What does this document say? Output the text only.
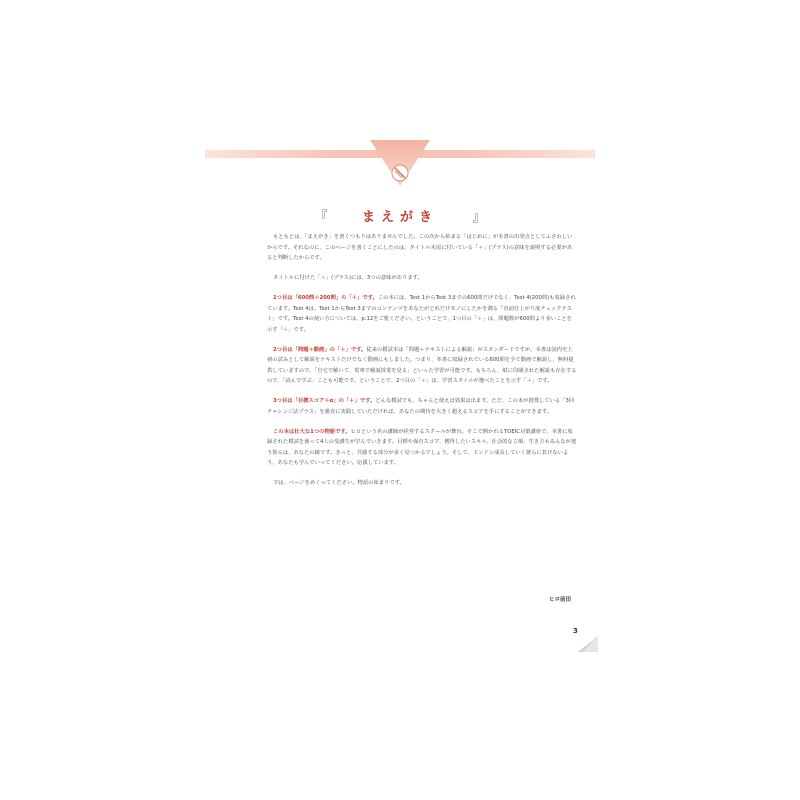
『	まえがき	』

もともとは、「まえがき」を書くつもりはありませんでした。この次から始まる「はじめに」が本書の出発点としてふさわしいからです。それなのに、このページを書くことにしたのは、タイトル末尾に付いている「＋」(プラス)の意味を説明する必要があると判断したからです。

タイトルに付けた「＋」(プラス)には、3つの意味があります。

1つ目は「600問＋200問」の「＋」です。この本には、Test 1からTest 3までの600問だけでなく、Test 4(200問)も収録されています。Test 4は、Test 1からTest 3までのコンテンツをあなたがどれだけモノにしたかを測る「直前仕上がり度チェックテスト」です。Test 4の使い方については、p.12をご覧ください。ということで、1つ目の「＋」は、問題数が600問より多いことを示す「＋」です。

2つ目は「問題＋動画」の「＋」です。従来の模試本は「問題＋テキストによる解説」がスタンダードですが、本書は国内史上初の試みとして解説をテキストだけでなく動画にもしました。つまり、本書に収録されている600問を全て動画で解説し、無料提供していますので、「自宅で解いて、電車で解説授業を見る」といった学習が可能です。もちろん、紙に印刷された解説も存在するので、「読んで学ぶ」ことも可能です。ということで、2つ目の「＋」は、学習スタイルが選べたことを示す「＋」です。

3つ目は「目標スコア＋α」の「＋」です。どんな模試でも、ちゃんと使えば効果は出ます。ただ、この本が推奨している「3回チャレンジ法プラス」を愚直に実践していただければ、あなたの期待を大きく超えるスコアを手にすることができます。

この本は壮大な1つの物語です。ヒロという名の講師が経営するスクールが舞台。そこで開かれるTOEIC対策講座で、本書に収録された模試を使って4人の受講生が学んでいきます。目標や保有スコア、獲得したいスキル、社会的な立場、生き方もみんなが違う彼らは、あなたの鏡です。きっと、共感する部分が多く見つかるでしょう。そして、ドンドン成長していく彼らに負けないよう、あなたも学んでいってください。応援しています。

では、ページをめくってください。物語の始まりです。

ヒロ前田
3
